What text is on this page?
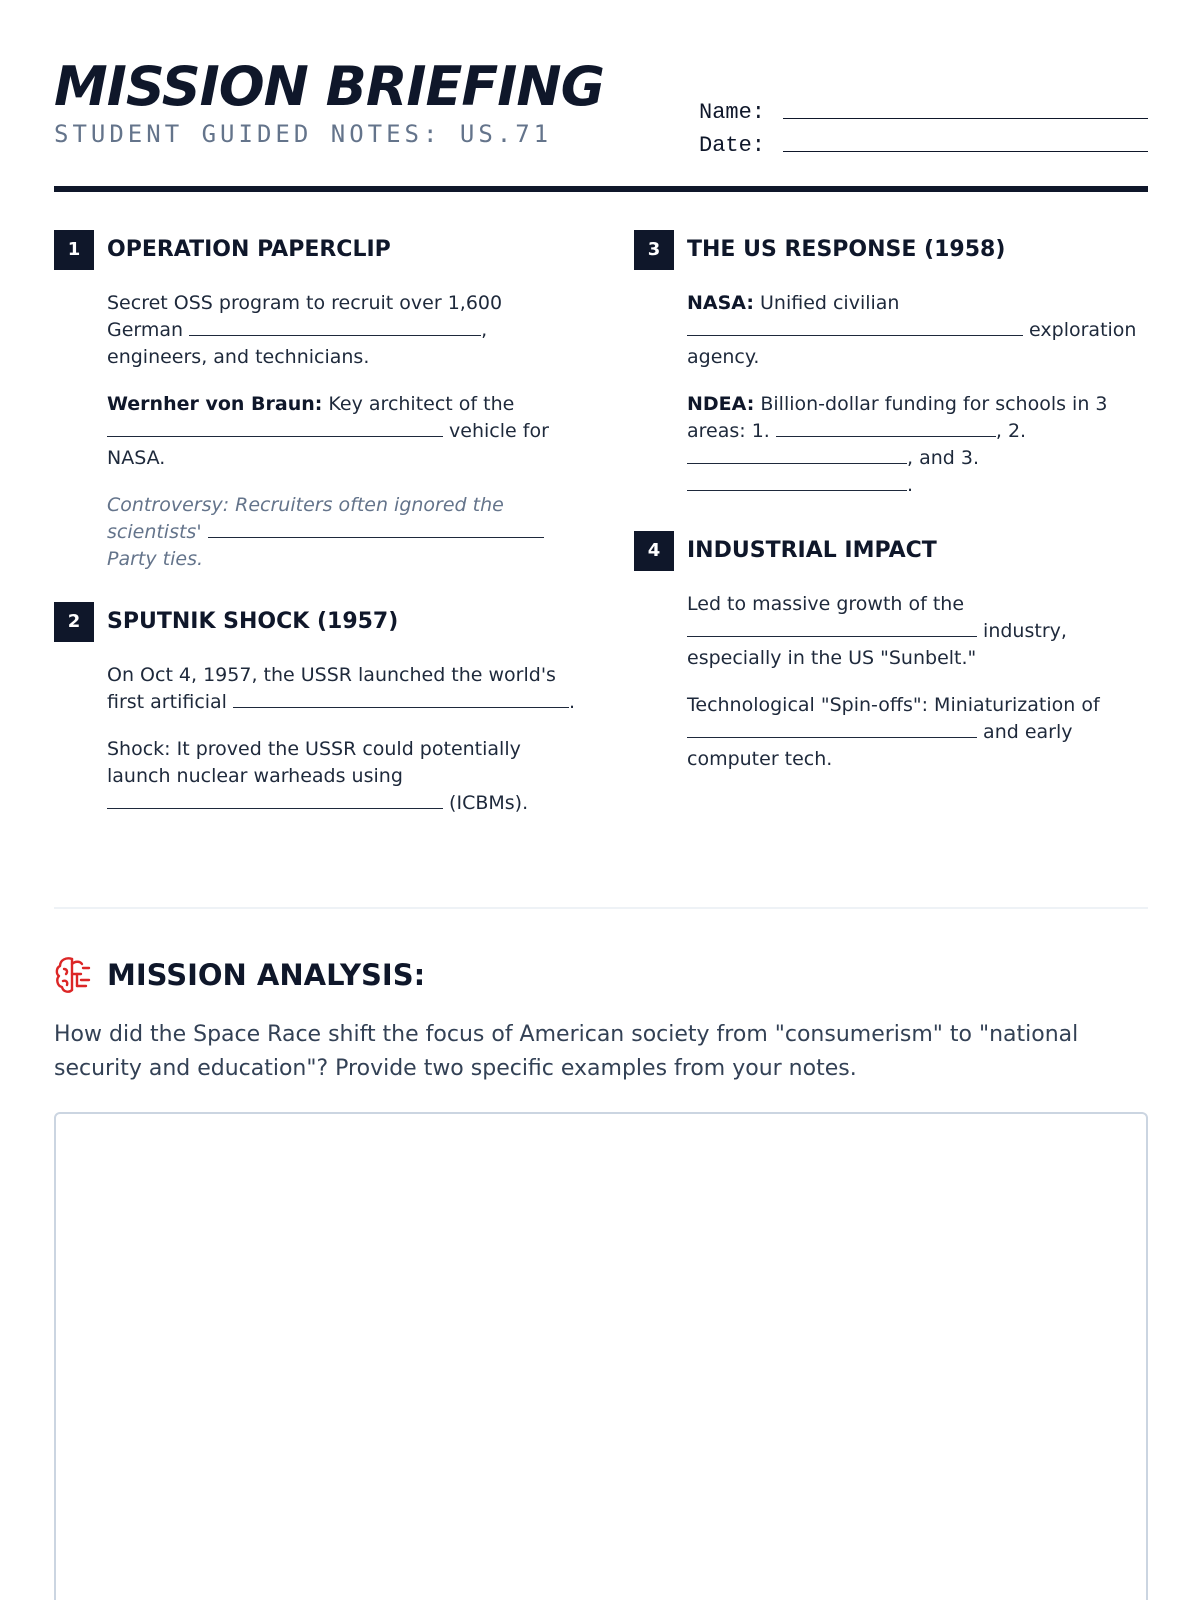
MISSION BRIEFING
STUDENT GUIDED NOTES: US.71
Name:
Date:
1	OPERATION PAPERCLIP

Secret OSS program to recruit over 1,600 German	, engineers, and technicians.

Wernher von Braun: Key architect of the  vehicle for NASA.

Controversy: Recruiters often ignored the scientists'  Party ties.

2	SPUTNIK SHOCK (1957)

On Oct 4, 1957, the USSR launched the world's first artificial	.

Shock: It proved the USSR could potentially launch nuclear warheads using  (ICBMs).

3	THE US RESPONSE (1958)

NASA: Unified civilian  exploration agency.

NDEA: Billion-dollar funding for schools in 3 areas: 1.	, 2. , and 3. .

4	INDUSTRIAL IMPACT

Led to massive growth of the  industry, especially in the US "Sunbelt."

Technological "Spin-offs": Miniaturization of  and early computer tech.

MISSION ANALYSIS:

How did the Space Race shift the focus of American society from "consumerism" to "national security and education"? Provide two specific examples from your notes.
